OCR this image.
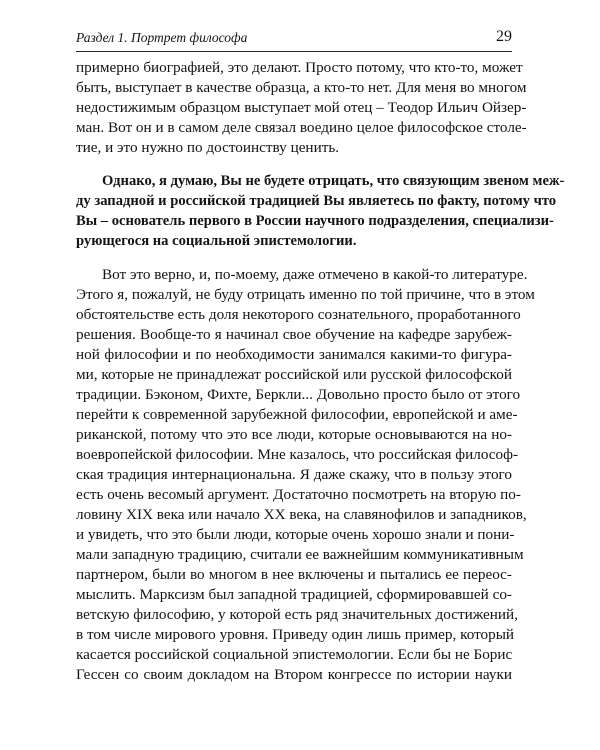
Раздел 1. Портрет философа	29
примерно биографией, это делают. Просто потому, что кто-то, может
быть, выступает в качестве образца, а кто-то нет. Для меня во многом
недостижимым образцом выступает мой отец – Теодор Ильич Ойзер-
ман. Вот он и в самом деле связал воедино целое философское столе-
тие, и это нужно по достоинству ценить.
Однако, я думаю, Вы не будете отрицать, что связующим звеном меж-
ду западной и российской традицией Вы являетесь по факту, потому что
Вы – основатель первого в России научного подразделения, специализи-
рующегося на социальной эпистемологии.
Вот это верно, и, по-моему, даже отмечено в какой-то литературе.
Этого я, пожалуй, не буду отрицать именно по той причине, что в этом
обстоятельстве есть доля некоторого сознательного, проработанного
решения. Вообще-то я начинал свое обучение на кафедре зарубеж-
ной философии и по необходимости занимался какими-то фигура-
ми, которые не принадлежат российской или русской философской
традиции. Бэконом, Фихте, Беркли... Довольно просто было от этого
перейти к современной зарубежной философии, европейской и аме-
риканской, потому что это все люди, которые основываются на но-
воевропейской философии. Мне казалось, что российская философ-
ская традиция интернациональна. Я даже скажу, что в пользу этого
есть очень весомый аргумент. Достаточно посмотреть на вторую по-
ловину XIX века или начало XX века, на славянофилов и западников,
и увидеть, что это были люди, которые очень хорошо знали и пони-
мали западную традицию, считали ее важнейшим коммуникативным
партнером, были во многом в нее включены и пытались ее переос-
мыслить. Марксизм был западной традицией, сформировавшей со-
ветскую философию, у которой есть ряд значительных достижений,
в том числе мирового уровня. Приведу один лишь пример, который
касается российской социальной эпистемологии. Если бы не Борис
Гессен со своим докладом на Втором конгрессе по истории науки
